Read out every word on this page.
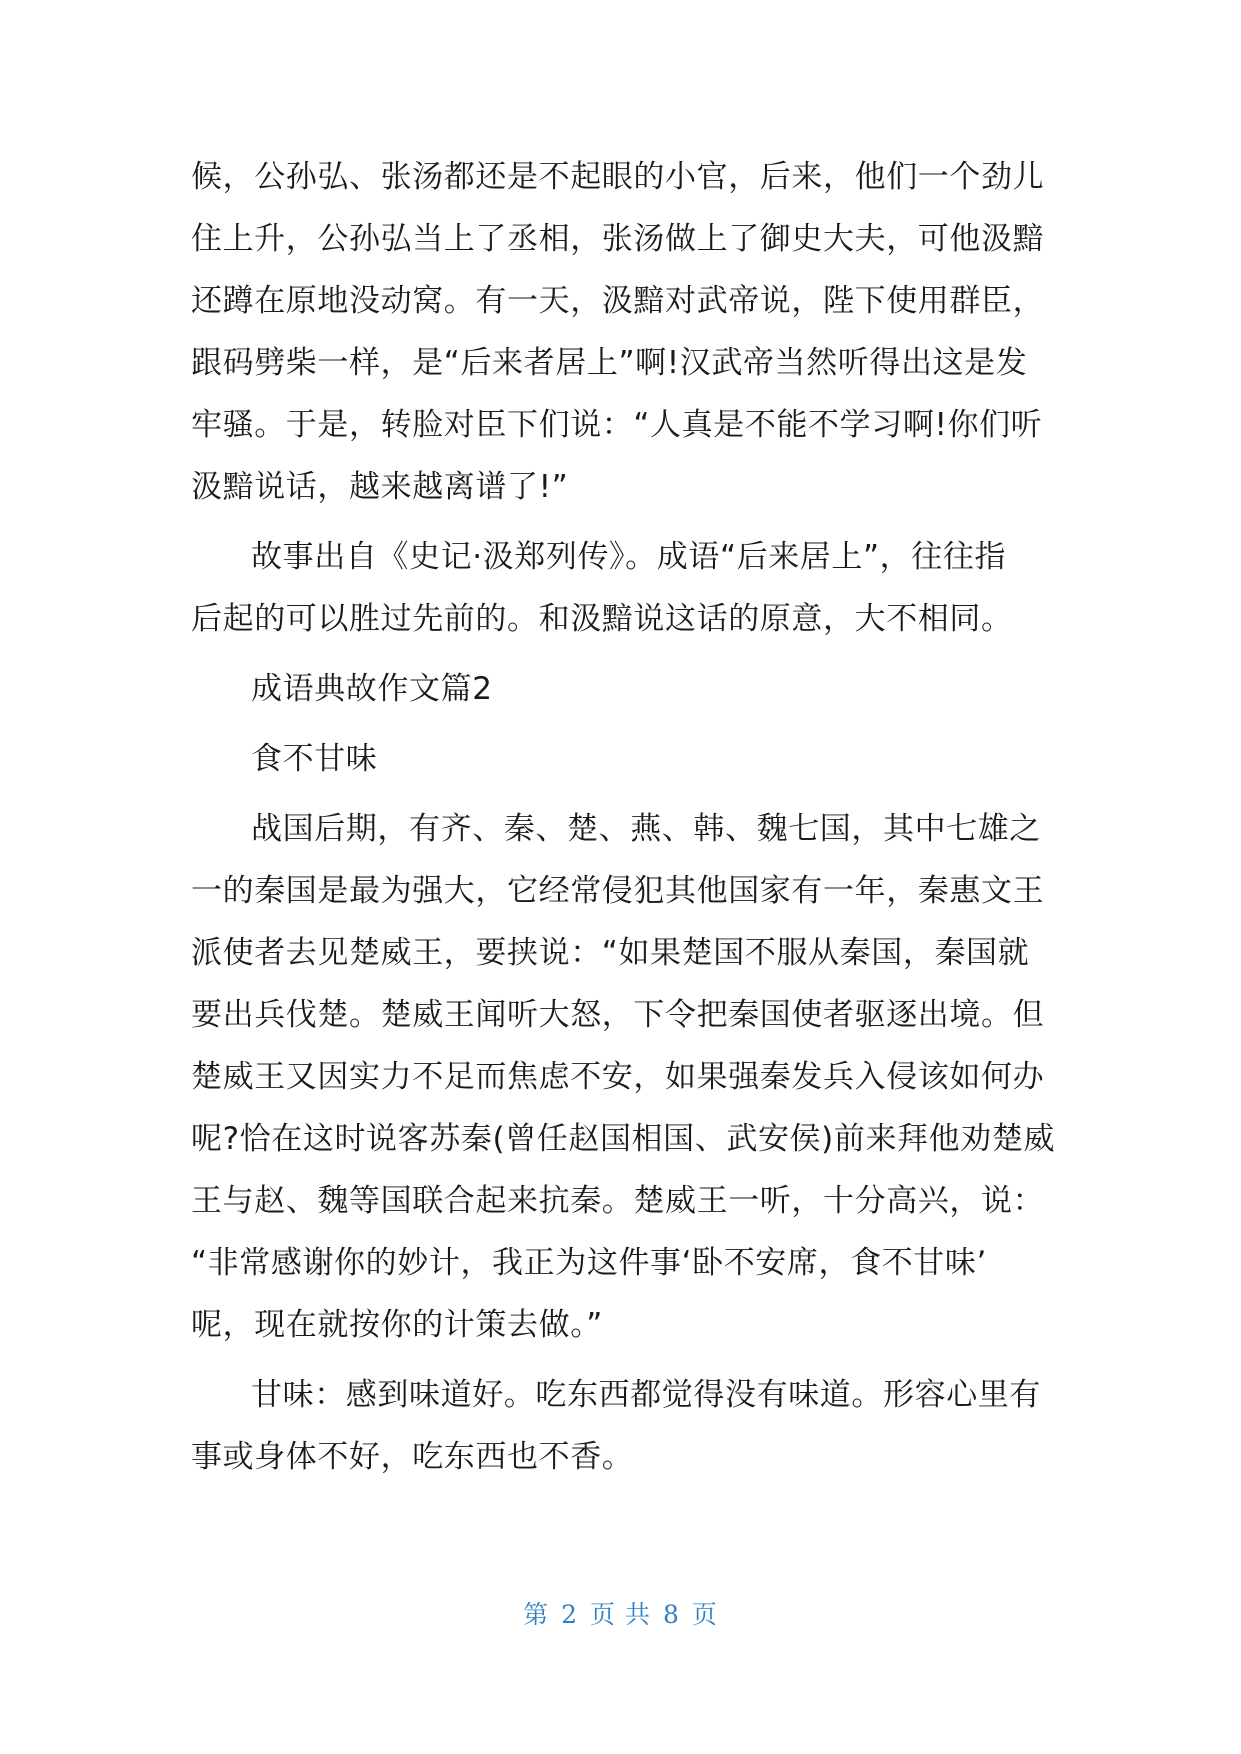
候，公孙弘、张汤都还是不起眼的小官，后来，他们一个劲儿
住上升，公孙弘当上了丞相，张汤做上了御史大夫，可他汲黯
还蹲在原地没动窝。有一天，汲黯对武帝说，陛下使用群臣，
跟码劈柴一样，是“后来者居上”啊!汉武帝当然听得出这是发
牢骚。于是，转脸对臣下们说：“人真是不能不学习啊!你们听
汲黯说话，越来越离谱了!”
故事出自《史记·汲郑列传》。成语“后来居上”，往往指
后起的可以胜过先前的。和汲黯说这话的原意，大不相同。
成语典故作文篇2
食不甘味
战国后期，有齐、秦、楚、燕、韩、魏七国，其中七雄之
一的秦国是最为强大，它经常侵犯其他国家有一年，秦惠文王
派使者去见楚威王，要挟说：“如果楚国不服从秦国，秦国就
要出兵伐楚。楚威王闻听大怒，下令把秦国使者驱逐出境。但
楚威王又因实力不足而焦虑不安，如果强秦发兵入侵该如何办
呢?恰在这时说客苏秦(曾任赵国相国、武安侯)前来拜他劝楚威
王与赵、魏等国联合起来抗秦。楚威王一听，十分高兴，说：
“非常感谢你的妙计，我正为这件事‘卧不安席，食不甘味’
呢，现在就按你的计策去做。”
甘味：感到味道好。吃东西都觉得没有味道。形容心里有
事或身体不好，吃东西也不香。
第 2 页 共 8 页
